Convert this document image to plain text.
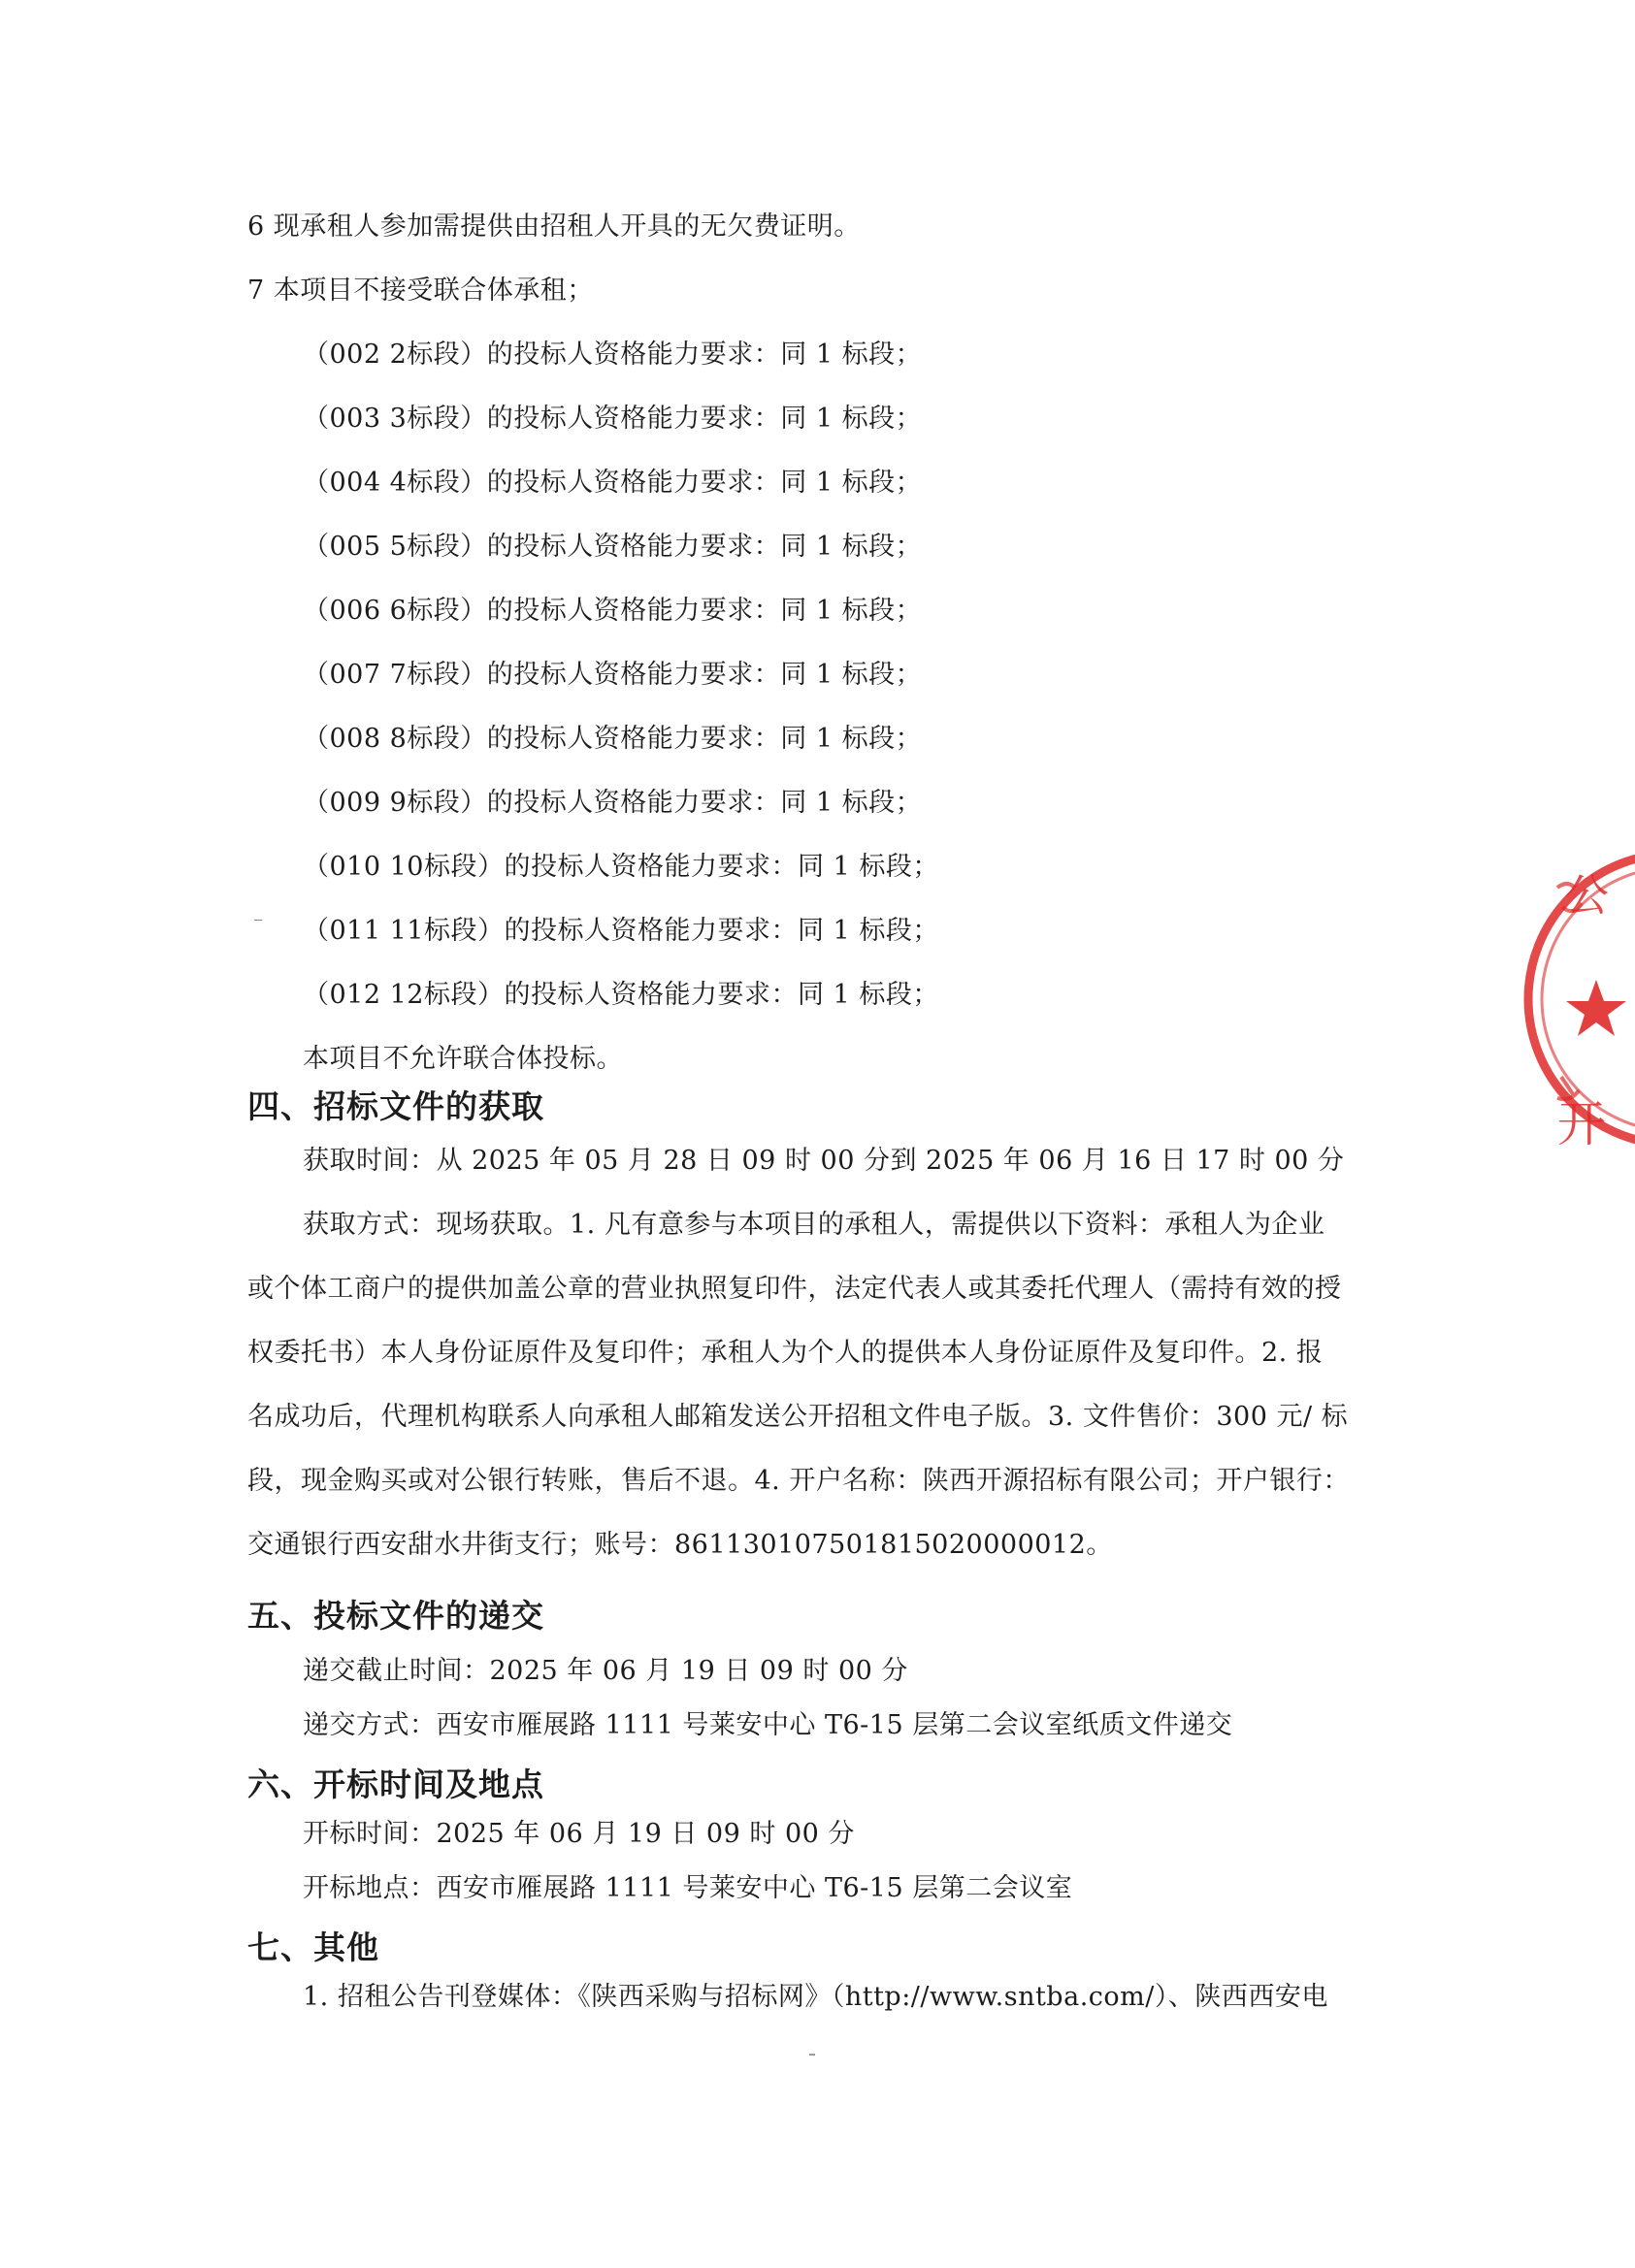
6 现承租人参加需提供由招租人开具的无欠费证明。
7 本项目不接受联合体承租；
（002 2标段）的投标人资格能力要求：同 1 标段；
（003 3标段）的投标人资格能力要求：同 1 标段；
（004 4标段）的投标人资格能力要求：同 1 标段；
（005 5标段）的投标人资格能力要求：同 1 标段；
（006 6标段）的投标人资格能力要求：同 1 标段；
（007 7标段）的投标人资格能力要求：同 1 标段；
（008 8标段）的投标人资格能力要求：同 1 标段；
（009 9标段）的投标人资格能力要求：同 1 标段；
（010 10标段）的投标人资格能力要求：同 1 标段；
（011 11标段）的投标人资格能力要求：同 1 标段；
（012 12标段）的投标人资格能力要求：同 1 标段；
本项目不允许联合体投标。
四、招标文件的获取
获取时间：从 2025 年 05 月 28 日 09 时 00 分到 2025 年 06 月 16 日 17 时 00 分
获取方式：现场获取。1. 凡有意参与本项目的承租人，需提供以下资料：承租人为企业
或个体工商户的提供加盖公章的营业执照复印件，法定代表人或其委托代理人（需持有效的授
权委托书）本人身份证原件及复印件；承租人为个人的提供本人身份证原件及复印件。2. 报
名成功后，代理机构联系人向承租人邮箱发送公开招租文件电子版。3. 文件售价：300 元/ 标
段，现金购买或对公银行转账，售后不退。4. 开户名称：陕西开源招标有限公司；开户银行：
交通银行西安甜水井街支行；账号：861130107501815020000012。
五、投标文件的递交
递交截止时间：2025 年 06 月 19 日 09 时 00 分
递交方式：西安市雁展路 1111 号莱安中心 T6-15 层第二会议室纸质文件递交
六、开标时间及地点
开标时间：2025 年 06 月 19 日 09 时 00 分
开标地点：西安市雁展路 1111 号莱安中心 T6-15 层第二会议室
七、其他
1. 招租公告刊登媒体：《陕西采购与招标网》（http://www.sntba.com/）、陕西西安电
公
开
